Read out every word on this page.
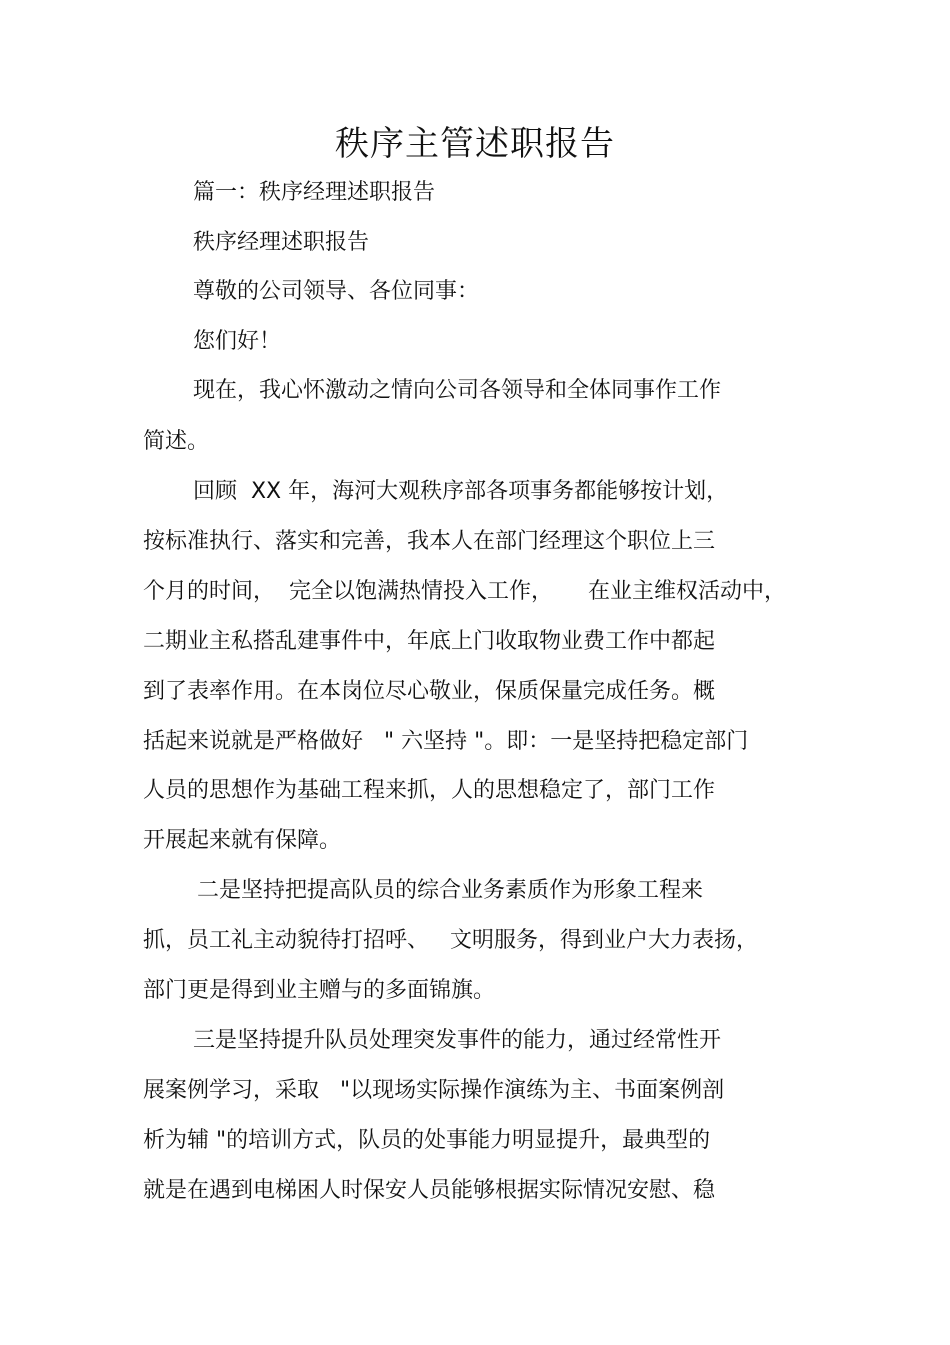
秩序主管述职报告
篇一：秩序经理述职报告
秩序经理述职报告
尊敬的公司领导、各位同事：
您们好！
现在，我心怀激动之情向公司各领导和全体同事作工作
简述。
回顾  XX 年，海河大观秩序部各项事务都能够按计划，
按标准执行、落实和完善，我本人在部门经理这个职位上三
个月的时间，  完全以饱满热情投入工作，     在业主维权活动中，
二期业主私搭乱建事件中，年底上门收取物业费工作中都起
到了表率作用。在本岗位尽心敬业，保质保量完成任务。概
括起来说就是严格做好   " 六坚持 "。即：一是坚持把稳定部门
人员的思想作为基础工程来抓，人的思想稳定了，部门工作
开展起来就有保障。
二是坚持把提高队员的综合业务素质作为形象工程来
抓，员工礼主动貌待打招呼、   文明服务，得到业户大力表扬，
部门更是得到业主赠与的多面锦旗。
三是坚持提升队员处理突发事件的能力，通过经常性开
展案例学习，采取   "以现场实际操作演练为主、书面案例剖
析为辅 "的培训方式，队员的处事能力明显提升，最典型的
就是在遇到电梯困人时保安人员能够根据实际情况安慰、稳
